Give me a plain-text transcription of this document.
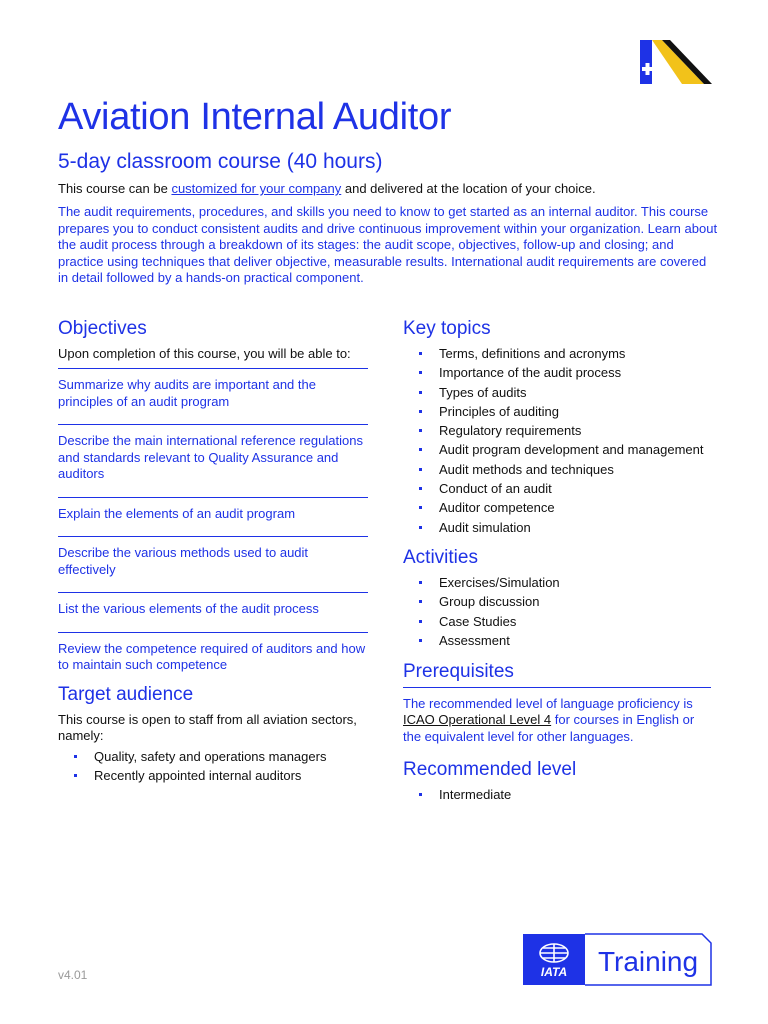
Aviation Internal Auditor
5-day classroom course (40 hours)
This course can be customized for your company and delivered at the location of your choice.
The audit requirements, procedures, and skills you need to know to get started as an internal auditor. This course prepares you to conduct consistent audits and drive continuous improvement within your organization. Learn about the audit process through a breakdown of its stages: the audit scope, objectives, follow-up and closing; and practice using techniques that deliver objective, measurable results. International audit requirements are covered in detail followed by a hands-on practical component.
Objectives
Upon completion of this course, you will be able to:
Summarize why audits are important and the principles of an audit program
Describe the main international reference regulations and standards relevant to Quality Assurance and auditors
Explain the elements of an audit program
Describe the various methods used to audit effectively
List the various elements of the audit process
Review the competence required of auditors and how to maintain such competence
Target audience
This course is open to staff from all aviation sectors, namely:
Quality, safety and operations managers
Recently appointed internal auditors
Key topics
Terms, definitions and acronyms
Importance of the audit process
Types of audits
Principles of auditing
Regulatory requirements
Audit program development and management
Audit methods and techniques
Conduct of an audit
Auditor competence
Audit simulation
Activities
Exercises/Simulation
Group discussion
Case Studies
Assessment
Prerequisites
The recommended level of language proficiency is ICAO Operational Level 4 for courses in English or the equivalent level for other languages.
Recommended level
Intermediate
v4.01	IATA Training
